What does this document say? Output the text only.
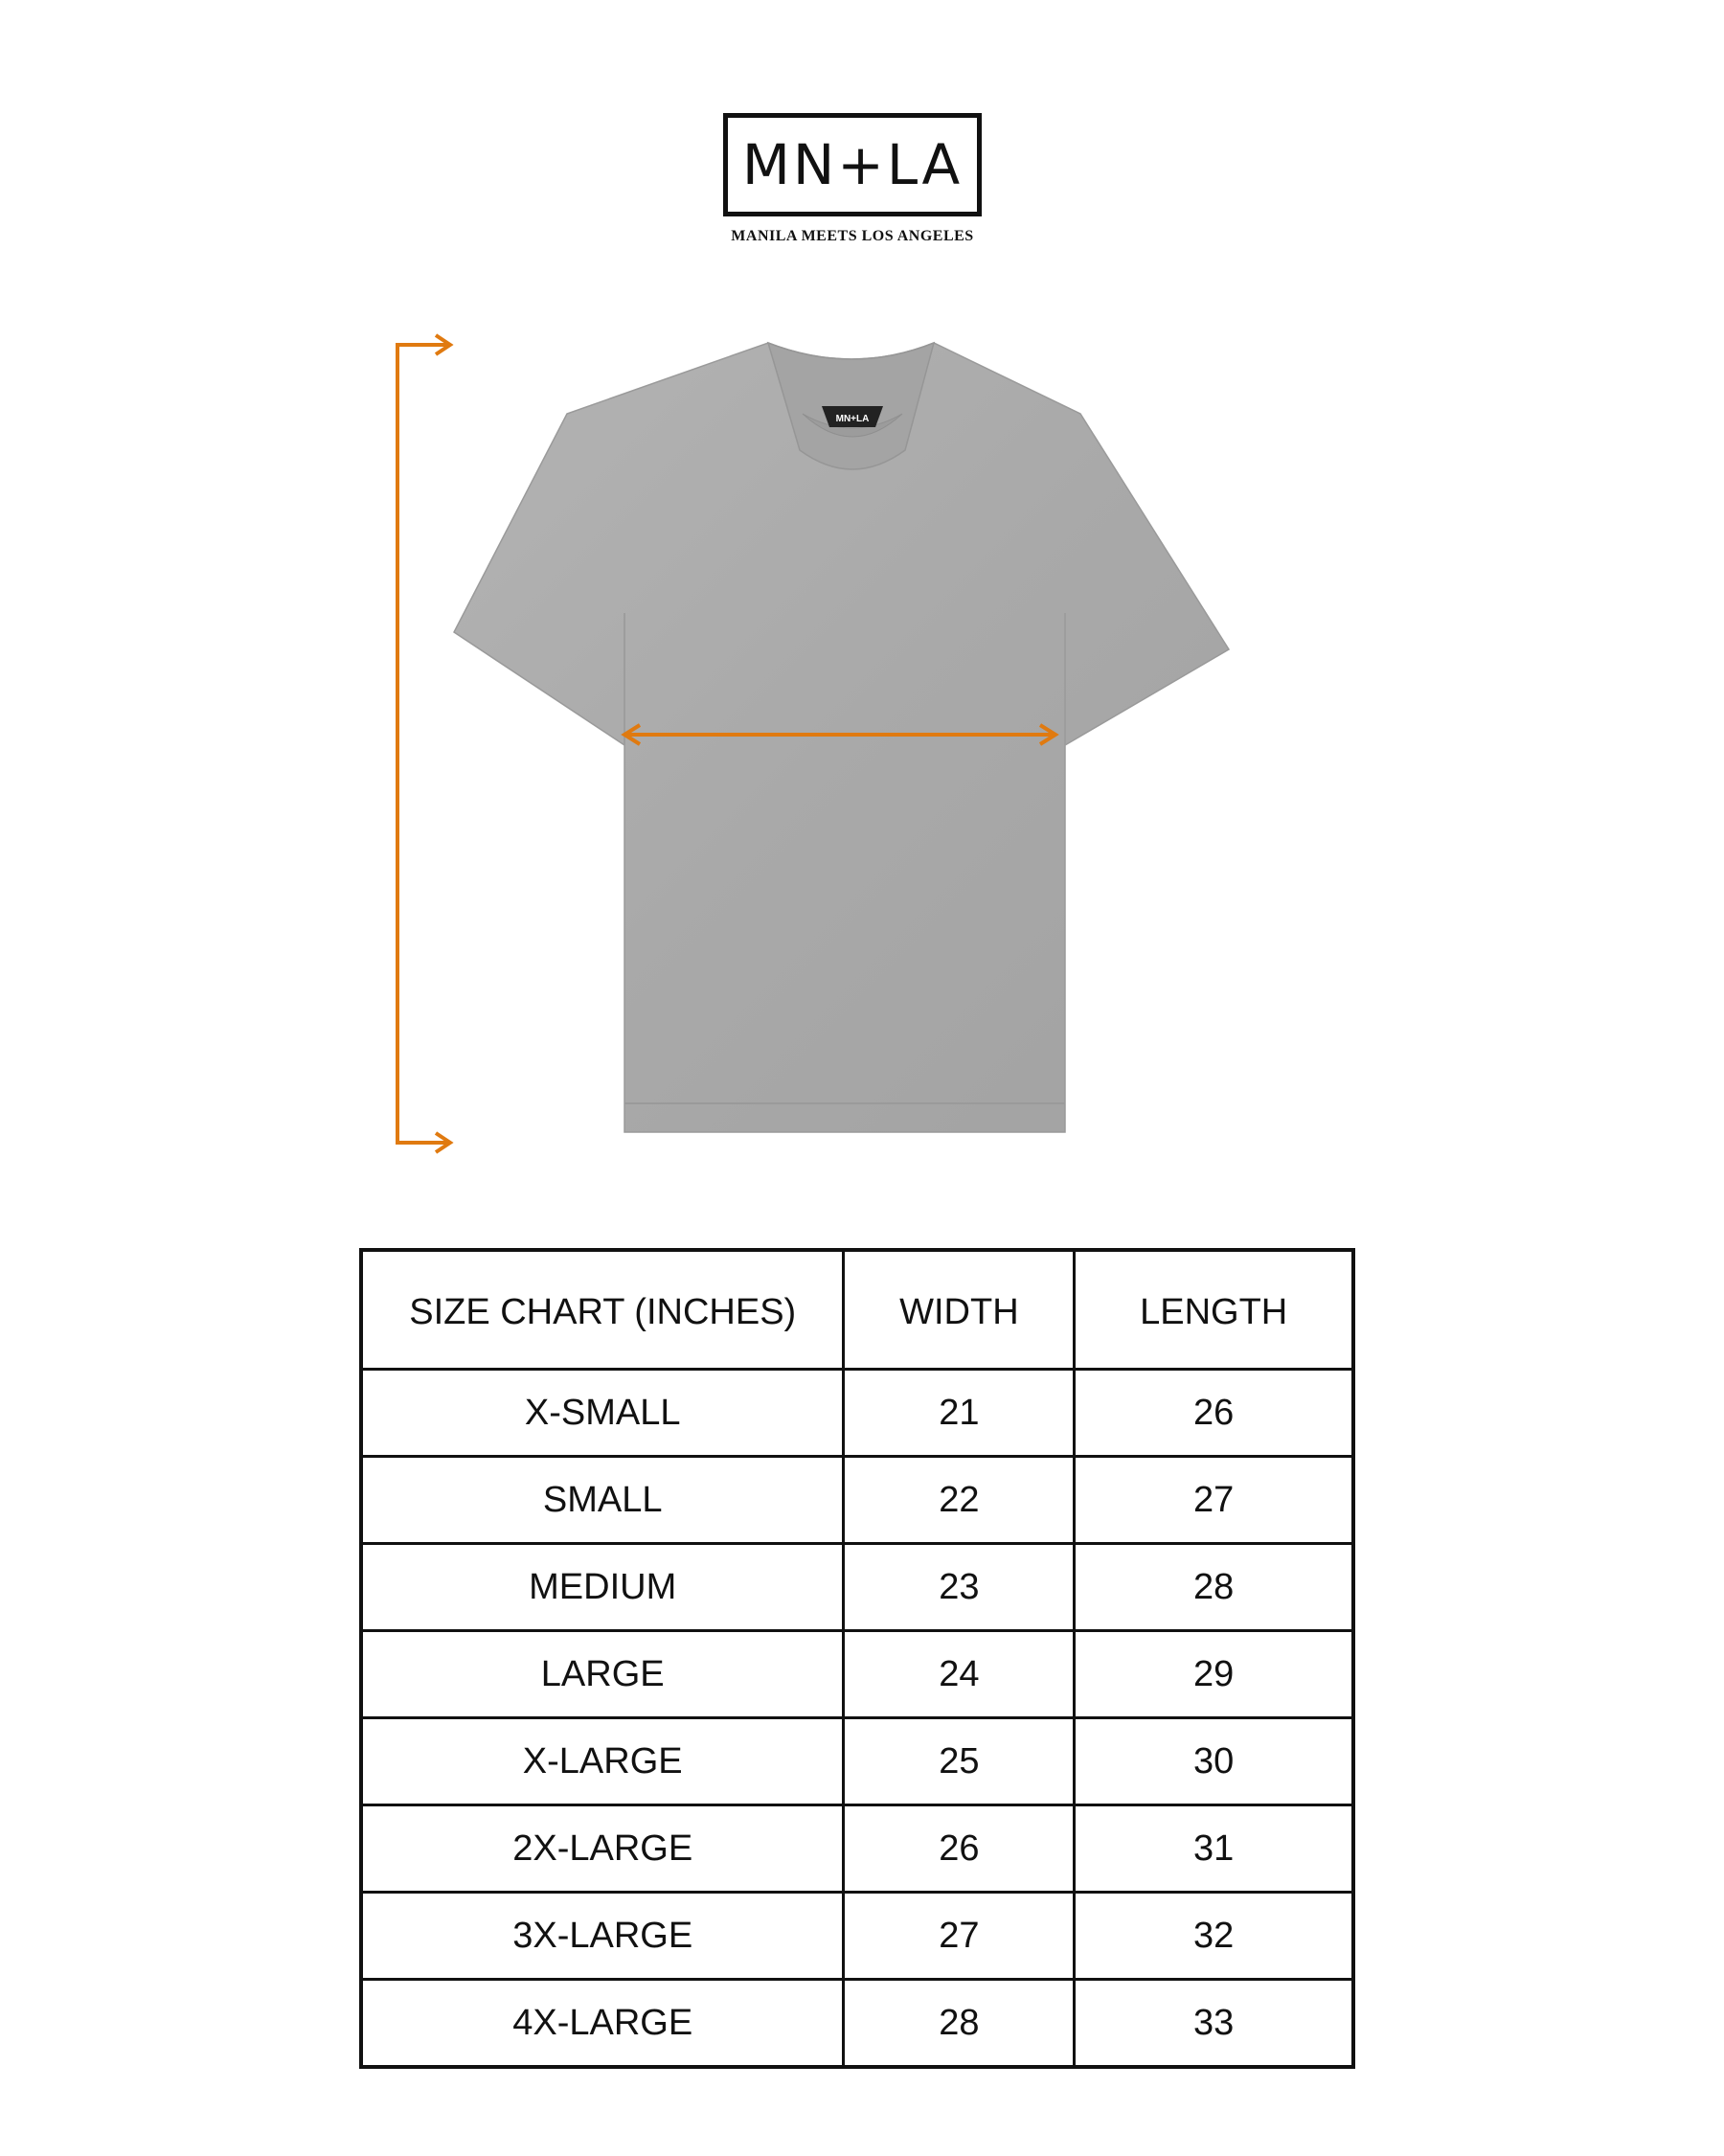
MN+LA
MANILA MEETS LOS ANGELES
MN+LA
SIZE CHART (INCHES)	WIDTH	LENGTH
X-SMALL	21	26
SMALL	22	27
MEDIUM	23	28
LARGE	24	29
X-LARGE	25	30
2X-LARGE	26	31
3X-LARGE	27	32
4X-LARGE	28	33
